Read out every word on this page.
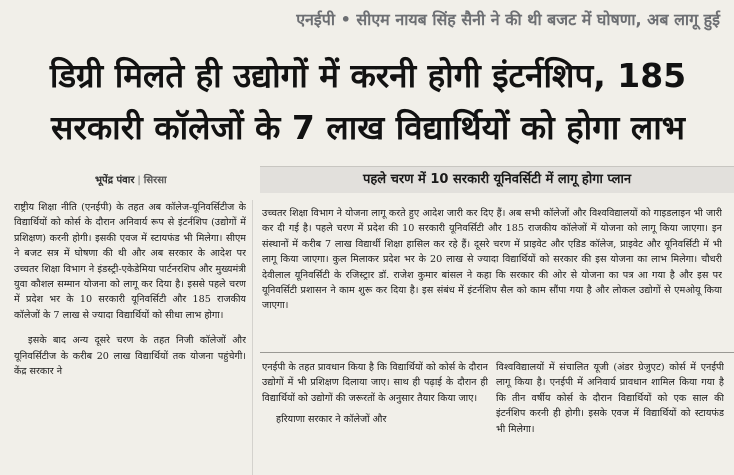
एनईपी • सीएम नायब सिंह सैनी ने की थी बजट में घोषणा, अब लागू हुई
डिग्री मिलते ही उद्योगों में करनी होगी इंटर्नशिप, 185
सरकारी कॉलेजों के 7 लाख विद्यार्थियों को होगा लाभ
भूपेंद्र पंवार | सिरसा	पहले चरण में 10 सरकारी यूनिवर्सिटी में लागू होगा प्लान

राष्ट्रीय शिक्षा नीति (एनईपी) के तहत अब कॉलेज-यूनिवर्सिटीज के विद्यार्थियों को कोर्स के दौरान अनिवार्य रूप से इंटर्नशिप (उद्योगों में प्रशिक्षण) करनी होगी। इसकी एवज में स्टायफंड भी मिलेगा। सीएम ने बजट सत्र में घोषणा की थी और अब सरकार के आदेश पर उच्चतर शिक्षा विभाग ने इंडस्ट्री-एकेडेमिया पार्टनरशिप और मुख्यमंत्री युवा कौशल सम्मान योजना को लागू कर दिया है। इससे पहले चरण में प्रदेश भर के 10 सरकारी यूनिवर्सिटी और 185 राजकीय कॉलेजों के 7 लाख से ज्यादा विद्यार्थियों को सीधा लाभ होगा।

इसके बाद अन्य दूसरे चरण के तहत निजी कॉलेजों और यूनिवर्सिटीज के करीब 20 लाख विद्यार्थियों तक योजना पहुंचेगी। केंद्र सरकार ने

उच्चतर शिक्षा विभाग ने योजना लागू करते हुए आदेश जारी कर दिए हैं। अब सभी कॉलेजों और विश्वविद्यालयों को गाइडलाइन भी जारी कर दी गई है। पहले चरण में प्रदेश की 10 सरकारी यूनिवर्सिटी और 185 राजकीय कॉलेजों में योजना को लागू किया जाएगा। इन संस्थानों में करीब 7 लाख विद्यार्थी शिक्षा हासिल कर रहे हैं। दूसरे चरण में प्राइवेट और एडिड कॉलेज, प्राइवेट और यूनिवर्सिटी में भी लागू किया जाएगा। कुल मिलाकर प्रदेश भर के 20 लाख से ज्यादा विद्यार्थियों को सरकार की इस योजना का लाभ मिलेगा। चौधरी देवीलाल यूनिवर्सिटी के रजिस्ट्रार डॉ. राजेश कुमार बांसल ने कहा कि सरकार की ओर से योजना का पत्र आ गया है और इस पर यूनिवर्सिटी प्रशासन ने काम शुरू कर दिया है। इस संबंध में इंटर्नशिप सैल को काम सौंपा गया है और लोकल उद्योगों से एमओयू किया जाएगा।

एनईपी के तहत प्रावधान किया है कि विद्यार्थियों को कोर्स के दौरान उद्योगों में भी प्रशिक्षण दिलाया जाए। साथ ही पढ़ाई के दौरान ही विद्यार्थियों को उद्योगों की जरूरतों के अनुसार तैयार किया जाए।

हरियाणा सरकार ने कॉलेजों और

विश्वविद्यालयों में संचालित यूजी (अंडर ग्रेजुएट) कोर्स में एनईपी लागू किया है। एनईपी में अनिवार्य प्रावधान शामिल किया गया है कि तीन वर्षीय कोर्स के दौरान विद्यार्थियों को एक साल की इंटर्नशिप करनी ही होगी। इसके एवज में विद्यार्थियों को स्टायफंड भी मिलेगा।
